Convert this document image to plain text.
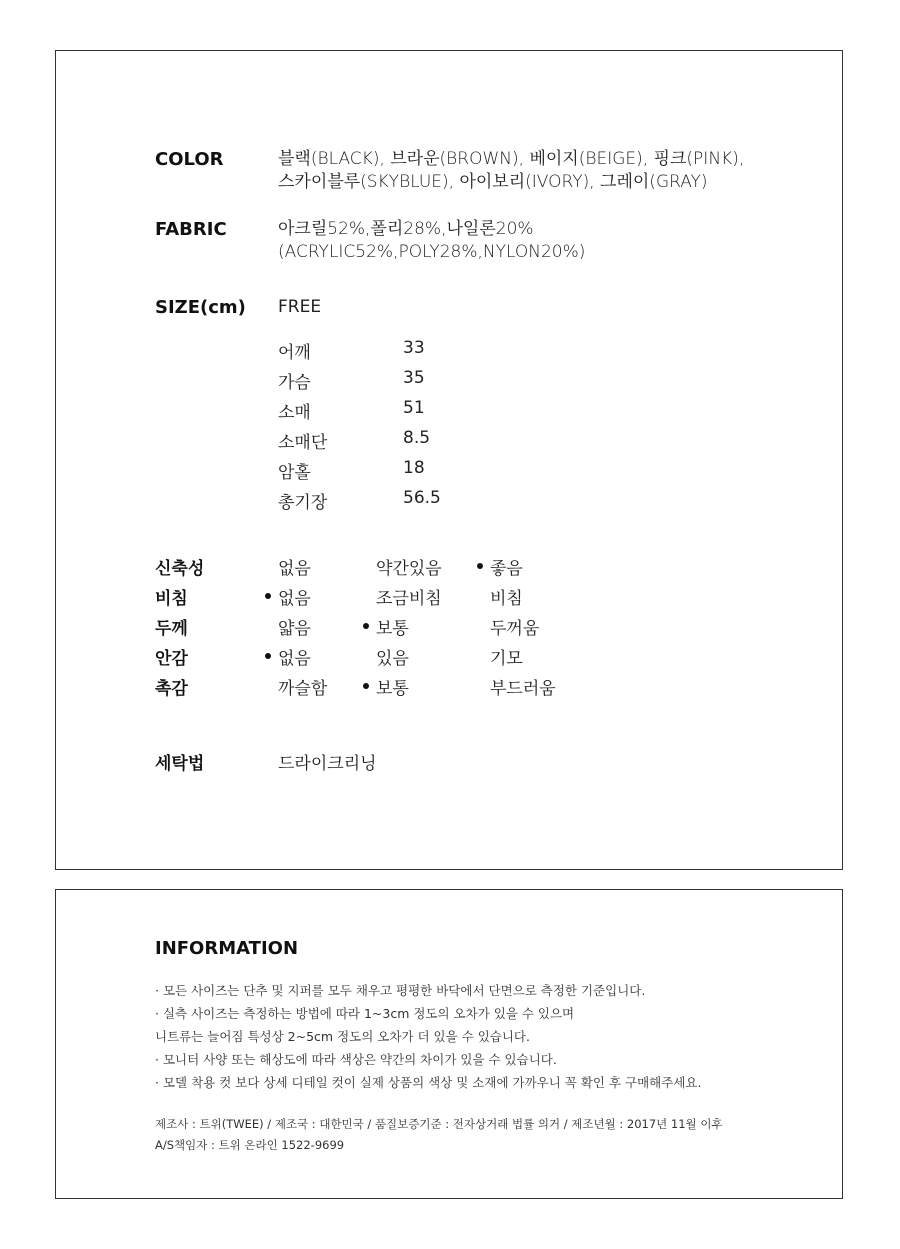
COLOR	블랙(BLACK), 브라운(BROWN), 베이지(BEIGE), 핑크(PINK),
스카이블루(SKYBLUE), 아이보리(IVORY), 그레이(GRAY)
FABRIC	아크릴52%,폴리28%,나일론20%
(ACRYLIC52%,POLY28%,NYLON20%)
SIZE(cm) FREE
어깨	33
가슴	35
소매	51
소매단	8.5
암홀	18
총기장	56.5
신축성	없음	약간있음	좋음
비침	없음	조금비침	비침
두께	얇음	보통	두꺼움
안감	없음	있음	기모
촉감	까슬함	보통	부드러움
세탁법	드라이크리닝
INFORMATION
· 모든 사이즈는 단추 및 지퍼를 모두 채우고 평평한 바닥에서 단면으로 측정한 기준입니다.
· 실측 사이즈는 측정하는 방법에 따라 1~3cm 정도의 오차가 있을 수 있으며
니트류는 늘어짐 특성상 2~5cm 정도의 오차가 더 있을 수 있습니다.
· 모니터 사양 또는 해상도에 따라 색상은 약간의 차이가 있을 수 있습니다.
· 모델 착용 컷 보다 상세 디테일 컷이 실제 상품의 색상 및 소재에 가까우니 꼭 확인 후 구매해주세요.
제조사 : 트위(TWEE) / 제조국 : 대한민국 / 품질보증기준 : 전자상거래 법률 의거 / 제조년월 : 2017년 11월 이후
A/S책임자 : 트위 온라인 1522-9699
